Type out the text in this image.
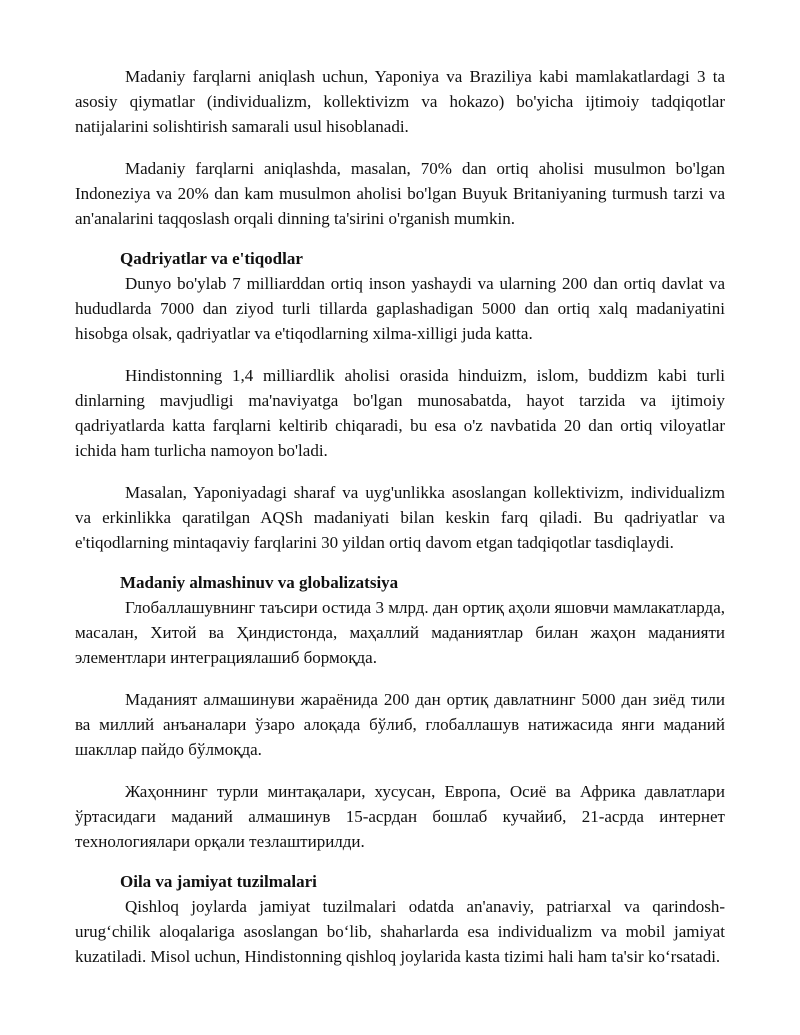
Madaniy farqlarni aniqlash uchun, Yaponiya va Braziliya kabi mamlakatlardagi 3 ta asosiy qiymatlar (individualizm, kollektivizm va hokazo) bo'yicha ijtimoiy tadqiqotlar natijalarini solishtirish samarali usul hisoblanadi.

Madaniy farqlarni aniqlashda, masalan, 70% dan ortiq aholisi musulmon bo'lgan Indoneziya va 20% dan kam musulmon aholisi bo'lgan Buyuk Britaniyaning turmush tarzi va an'analarini taqqoslash orqali dinning ta'sirini o'rganish mumkin.

Qadriyatlar va e'tiqodlar

Dunyo bo'ylab 7 milliarddan ortiq inson yashaydi va ularning 200 dan ortiq davlat va hududlarda 7000 dan ziyod turli tillarda gaplashadigan 5000 dan ortiq xalq madaniyatini hisobga olsak, qadriyatlar va e'tiqodlarning xilma-xilligi juda katta.

Hindistonning 1,4 milliardlik aholisi orasida hinduizm, islom, buddizm kabi turli dinlarning mavjudligi ma'naviyatga bo'lgan munosabatda, hayot tarzida va ijtimoiy qadriyatlarda katta farqlarni keltirib chiqaradi, bu esa o'z navbatida 20 dan ortiq viloyatlar ichida ham turlicha namoyon bo'ladi.

Masalan, Yaponiyadagi sharaf va uyg'unlikka asoslangan kollektivizm, individualizm va erkinlikka qaratilgan AQSh madaniyati bilan keskin farq qiladi. Bu qadriyatlar va e'tiqodlarning mintaqaviy farqlarini 30 yildan ortiq davom etgan tadqiqotlar tasdiqlaydi.

Madaniy almashinuv va globalizatsiya

Глобаллашувнинг таъсири остида 3 млрд. дан ортиқ аҳоли яшовчи мамлакатларда, масалан, Хитой ва Ҳиндистонда, маҳаллий маданиятлар билан жаҳон маданияти элементлари интеграциялашиб бормоқда.

Маданият алмашинуви жараёнида 200 дан ортиқ давлатнинг 5000 дан зиёд тили ва миллий анъаналари ўзаро алоқада бўлиб, глобаллашув натижасида янги маданий шакллар пайдо бўлмоқда.

Жаҳоннинг турли минтақалари, хусусан, Европа, Осиё ва Африка давлатлари ўртасидаги маданий алмашинув 15-асрдан бошлаб кучайиб, 21-асрда интернет технологиялари орқали тезлаштирилди.

Oila va jamiyat tuzilmalari

Qishloq joylarda jamiyat tuzilmalari odatda an'anaviy, patriarxal va qarindosh-urug‘chilik aloqalariga asoslangan bo‘lib, shaharlarda esa individualizm va mobil jamiyat kuzatiladi. Misol uchun, Hindistonning qishloq joylarida kasta tizimi hali ham ta'sir ko‘rsatadi.
